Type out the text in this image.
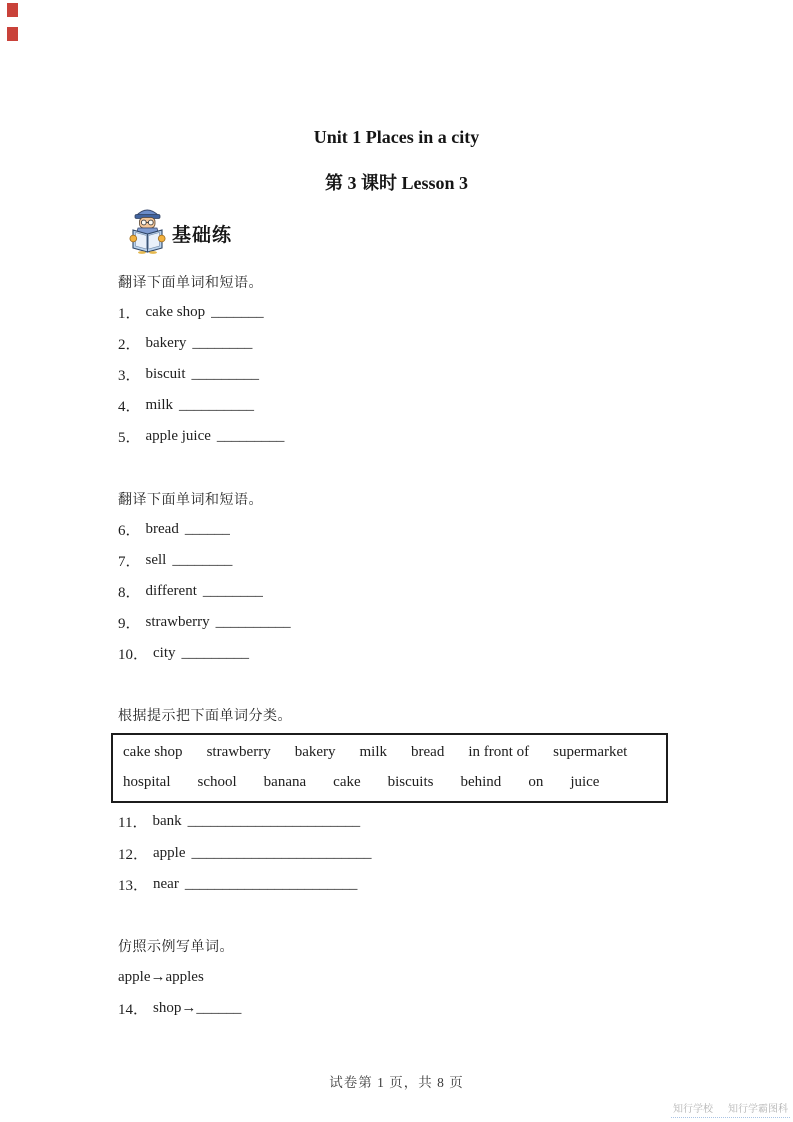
Unit 1 Places in a city
第 3 课时 Lesson 3
基础练
翻译下面单词和短语。
1． cake shop _______
2． bakery ________
3． biscuit _________
4． milk __________
5． apple juice _________
翻译下面单词和短语。
6． bread ______
7． sell ________
8． different ________
9． strawberry __________
10． city _________
根据提示把下面单词分类。
cake shop strawberry bakery milk bread in front of supermarket
hospital school banana cake biscuits behind on juice
11． bank _______________________
12． apple ________________________
13． near _______________________
仿照示例写单词。
apple→apples
14． shop→ ______
试卷第 1 页，共 8 页
知行学校 知行学霸图科
